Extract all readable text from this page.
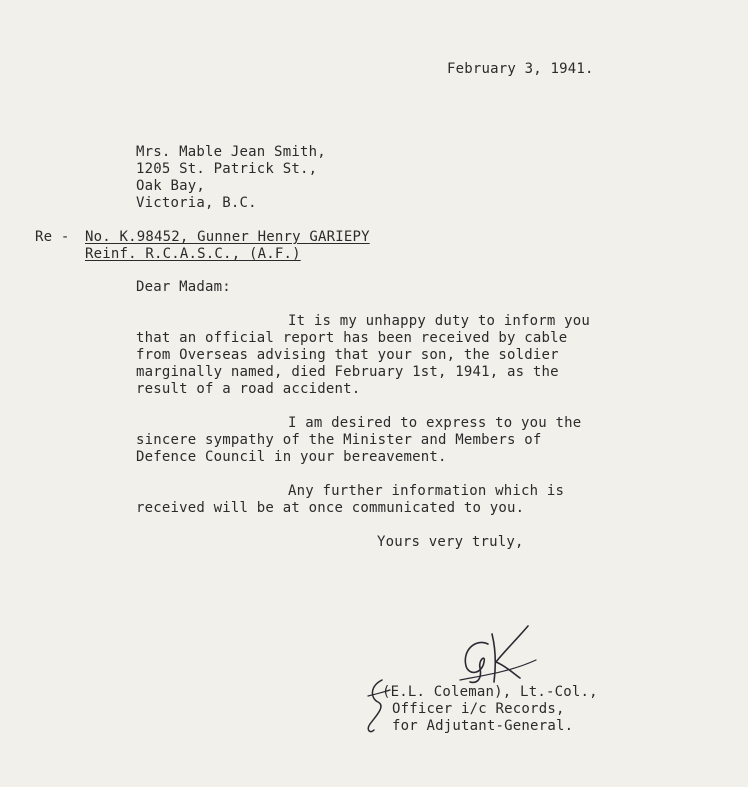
February 3, 1941.
Mrs. Mable Jean Smith,
1205 St. Patrick St.,
Oak Bay,
Victoria, B.C.
Re - No. K.98452, Gunner Henry GARIEPY
Reinf. R.C.A.S.C., (A.F.)
Dear Madam:
It is my unhappy duty to inform you
that an official report has been received by cable
from Overseas advising that your son, the soldier
marginally named, died February 1st, 1941, as the
result of a road accident.
I am desired to express to you the
sincere sympathy of the Minister and Members of
Defence Council in your bereavement.
Any further information which is
received will be at once communicated to you.
Yours very truly,
(E.L. Coleman), Lt.-Col.,
Officer i/c Records,
for Adjutant-General.
